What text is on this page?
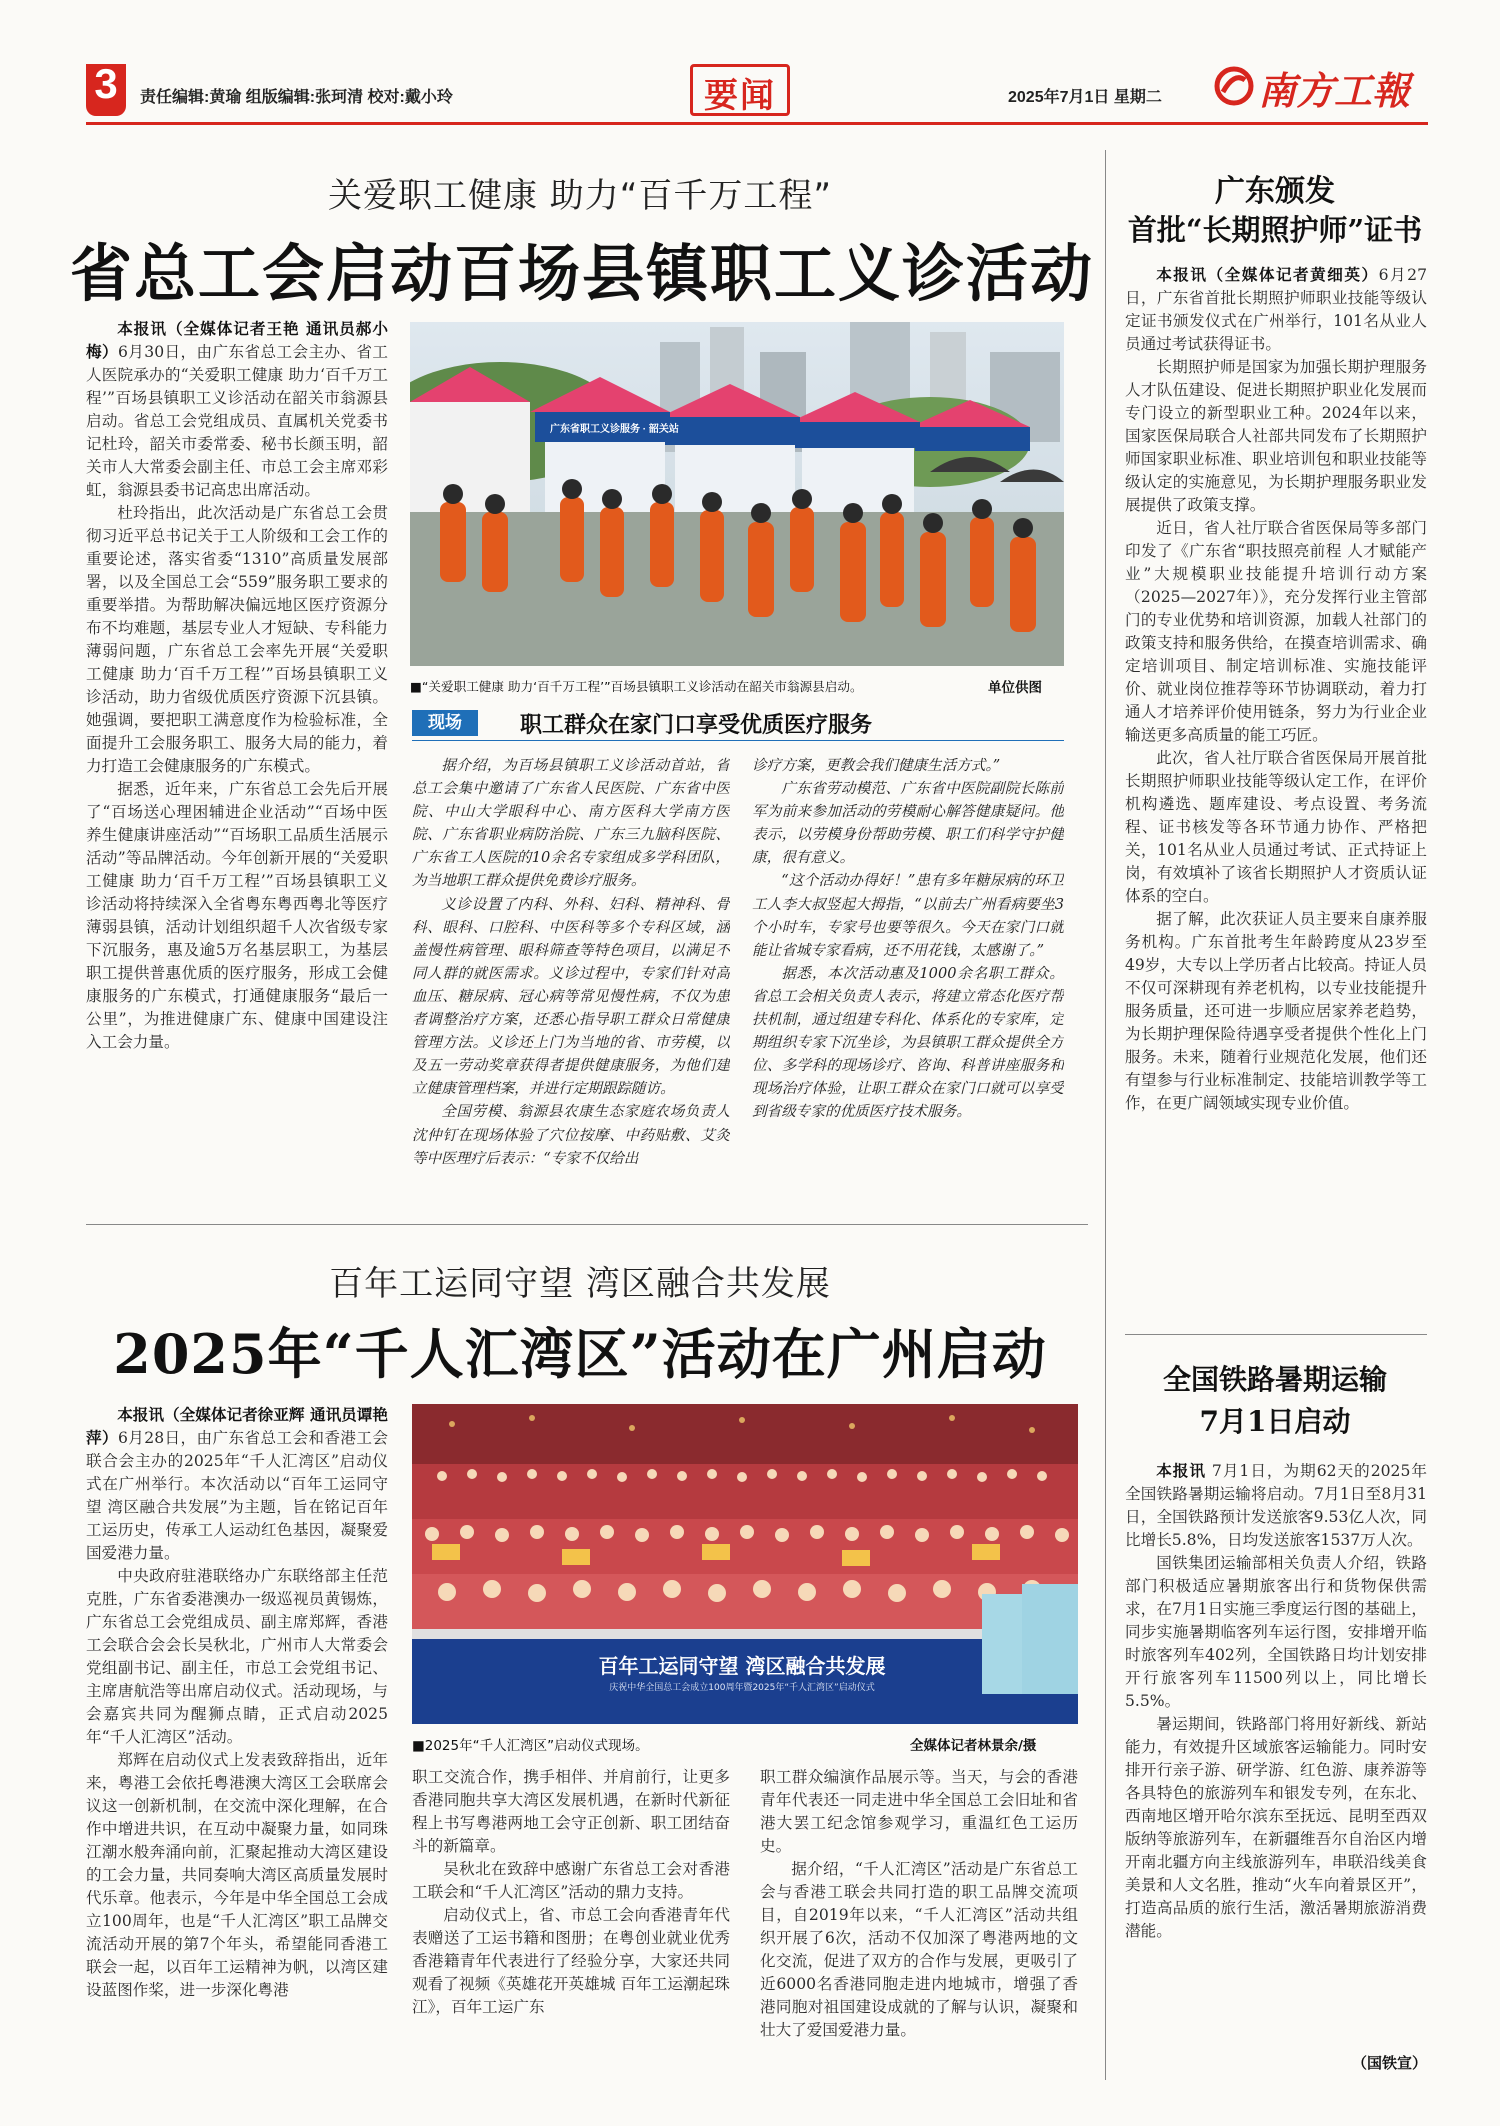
3	责任编辑:黄瑜 组版编辑:张珂清 校对:戴小玲	要闻	2025年7月1日 星期二	南方工報
关爱职工健康 助力“百千万工程”
省总工会启动百场县镇职工义诊活动

本报讯（全媒体记者王艳 通讯员郝小梅）6月30日，由广东省总工会主办、省工人医院承办的“关爱职工健康 助力‘百千万工程’”百场县镇职工义诊活动在韶关市翁源县启动。省总工会党组成员、直属机关党委书记杜玲，韶关市委常委、秘书长颜玉明，韶关市人大常委会副主任、市总工会主席邓彩虹，翁源县委书记高忠出席活动。

杜玲指出，此次活动是广东省总工会贯彻习近平总书记关于工人阶级和工会工作的重要论述，落实省委“1310”高质量发展部署，以及全国总工会“559”服务职工要求的重要举措。为帮助解决偏远地区医疗资源分布不均难题，基层专业人才短缺、专科能力薄弱问题，广东省总工会率先开展“关爱职工健康 助力‘百千万工程’”百场县镇职工义诊活动，助力省级优质医疗资源下沉县镇。她强调，要把职工满意度作为检验标准，全面提升工会服务职工、服务大局的能力，着力打造工会健康服务的广东模式。

据悉，近年来，广东省总工会先后开展了“百场送心理困辅进企业活动”“百场中医养生健康讲座活动”“百场职工品质生活展示活动”等品牌活动。今年创新开展的“关爱职工健康 助力‘百千万工程’”百场县镇职工义诊活动将持续深入全省粤东粤西粤北等医疗薄弱县镇，活动计划组织超千人次省级专家下沉服务，惠及逾5万名基层职工，为基层职工提供普惠优质的医疗服务，形成工会健康服务的广东模式，打通健康服务“最后一公里”，为推进健康广东、健康中国建设注入工会力量。

广东省职工义诊服务 · 韶关站
■“关爱职工健康 助力‘百千万工程’”百场县镇职工义诊活动在韶关市翁源县启动。	单位供图
现场	职工群众在家门口享受优质医疗服务

据介绍，为百场县镇职工义诊活动首站，省总工会集中邀请了广东省人民医院、广东省中医院、中山大学眼科中心、南方医科大学南方医院、广东省职业病防治院、广东三九脑科医院、广东省工人医院的10余名专家组成多学科团队，为当地职工群众提供免费诊疗服务。

义诊设置了内科、外科、妇科、精神科、骨科、眼科、口腔科、中医科等多个专科区域，涵盖慢性病管理、眼科筛查等特色项目，以满足不同人群的就医需求。义诊过程中，专家们针对高血压、糖尿病、冠心病等常见慢性病，不仅为患者调整治疗方案，还悉心指导职工群众日常健康管理方法。义诊还上门为当地的省、市劳模，以及五一劳动奖章获得者提供健康服务，为他们建立健康管理档案，并进行定期跟踪随访。

全国劳模、翁源县农康生态家庭农场负责人沈仲钉在现场体验了穴位按摩、中药贴敷、艾灸等中医理疗后表示：“专家不仅给出

诊疗方案，更教会我们健康生活方式。”

广东省劳动模范、广东省中医院副院长陈前军为前来参加活动的劳模耐心解答健康疑问。他表示，以劳模身份帮助劳模、职工们科学守护健康，很有意义。

“这个活动办得好！”患有多年糖尿病的环卫工人李大叔竖起大拇指，“以前去广州看病要坐3个小时车，专家号也要等很久。今天在家门口就能让省城专家看病，还不用花钱，太感谢了。”

据悉，本次活动惠及1000余名职工群众。省总工会相关负责人表示，将建立常态化医疗帮扶机制，通过组建专科化、体系化的专家库，定期组织专家下沉坐诊，为县镇职工群众提供全方位、多学科的现场诊疗、咨询、科普讲座服务和现场治疗体验，让职工群众在家门口就可以享受到省级专家的优质医疗技术服务。

广东颁发
首批“长期照护师”证书

本报讯（全媒体记者黄细英）6月27日，广东省首批长期照护师职业技能等级认定证书颁发仪式在广州举行，101名从业人员通过考试获得证书。

长期照护师是国家为加强长期护理服务人才队伍建设、促进长期照护职业化发展而专门设立的新型职业工种。2024年以来，国家医保局联合人社部共同发布了长期照护师国家职业标准、职业培训包和职业技能等级认定的实施意见，为长期护理服务职业发展提供了政策支撑。

近日，省人社厅联合省医保局等多部门印发了《广东省“职技照亮前程 人才赋能产业”大规模职业技能提升培训行动方案（2025—2027年）》，充分发挥行业主管部门的专业优势和培训资源，加载人社部门的政策支持和服务供给，在摸查培训需求、确定培训项目、制定培训标准、实施技能评价、就业岗位推荐等环节协调联动，着力打通人才培养评价使用链条，努力为行业企业输送更多高质量的能工巧匠。

此次，省人社厅联合省医保局开展首批长期照护师职业技能等级认定工作，在评价机构遴选、题库建设、考点设置、考务流程、证书核发等各环节通力协作、严格把关，101名从业人员通过考试、正式持证上岗，有效填补了该省长期照护人才资质认证体系的空白。

据了解，此次获证人员主要来自康养服务机构。广东首批考生年龄跨度从23岁至49岁，大专以上学历者占比较高。持证人员不仅可深耕现有养老机构，以专业技能提升服务质量，还可进一步顺应居家养老趋势，为长期护理保险待遇享受者提供个性化上门服务。未来，随着行业规范化发展，他们还有望参与行业标准制定、技能培训教学等工作，在更广阔领域实现专业价值。

百年工运同守望 湾区融合共发展
2025年“千人汇湾区”活动在广州启动

本报讯（全媒体记者徐亚辉 通讯员谭艳萍）6月28日，由广东省总工会和香港工会联合会主办的2025年“千人汇湾区”启动仪式在广州举行。本次活动以“百年工运同守望 湾区融合共发展”为主题，旨在铭记百年工运历史，传承工人运动红色基因，凝聚爱国爱港力量。

中央政府驻港联络办广东联络部主任范克胜，广东省委港澳办一级巡视员黄锡炼，广东省总工会党组成员、副主席郑辉，香港工会联合会会长吴秋北，广州市人大常委会党组副书记、副主任，市总工会党组书记、主席唐航浩等出席启动仪式。活动现场，与会嘉宾共同为醒狮点睛，正式启动2025年“千人汇湾区”活动。

郑辉在启动仪式上发表致辞指出，近年来，粤港工会依托粤港澳大湾区工会联席会议这一创新机制，在交流中深化理解，在合作中增进共识，在互动中凝聚力量，如同珠江潮水般奔涌向前，汇聚起推动大湾区建设的工会力量，共同奏响大湾区高质量发展时代乐章。他表示，今年是中华全国总工会成立100周年，也是“千人汇湾区”职工品牌交流活动开展的第7个年头，希望能同香港工联会一起，以百年工运精神为帆，以湾区建设蓝图作桨，进一步深化粤港

百年工运同守望 湾区融合共发展
庆祝中华全国总工会成立100周年暨2025年“千人汇湾区”启动仪式
■2025年“千人汇湾区”启动仪式现场。	全媒体记者林景余/摄

职工交流合作，携手相伴、并肩前行，让更多香港同胞共享大湾区发展机遇，在新时代新征程上书写粤港两地工会守正创新、职工团结奋斗的新篇章。

吴秋北在致辞中感谢广东省总工会对香港工联会和“千人汇湾区”活动的鼎力支持。

启动仪式上，省、市总工会向香港青年代表赠送了工运书籍和图册；在粤创业就业优秀香港籍青年代表进行了经验分享，大家还共同观看了视频《英雄花开英雄城 百年工运潮起珠江》，百年工运广东

职工群众编演作品展示等。当天，与会的香港青年代表还一同走进中华全国总工会旧址和省港大罢工纪念馆参观学习，重温红色工运历史。

据介绍，“千人汇湾区”活动是广东省总工会与香港工联会共同打造的职工品牌交流项目，自2019年以来，“千人汇湾区”活动共组织开展了6次，活动不仅加深了粤港两地的文化交流，促进了双方的合作与发展，更吸引了近6000名香港同胞走进内地城市，增强了香港同胞对祖国建设成就的了解与认识，凝聚和壮大了爱国爱港力量。

全国铁路暑期运输
7月1日启动

本报讯 7月1日，为期62天的2025年全国铁路暑期运输将启动。7月1日至8月31日，全国铁路预计发送旅客9.53亿人次，同比增长5.8%，日均发送旅客1537万人次。

国铁集团运输部相关负责人介绍，铁路部门积极适应暑期旅客出行和货物保供需求，在7月1日实施三季度运行图的基础上，同步实施暑期临客列车运行图，安排增开临时旅客列车402列，全国铁路日均计划安排开行旅客列车11500列以上，同比增长5.5%。

暑运期间，铁路部门将用好新线、新站能力，有效提升区域旅客运输能力。同时安排开行亲子游、研学游、红色游、康养游等各具特色的旅游列车和银发专列，在东北、西南地区增开哈尔滨东至抚远、昆明至西双版纳等旅游列车，在新疆维吾尔自治区内增开南北疆方向主线旅游列车，串联沿线美食美景和人文名胜，推动“火车向着景区开”，打造高品质的旅行生活，激活暑期旅游消费潜能。

（国铁宣）
